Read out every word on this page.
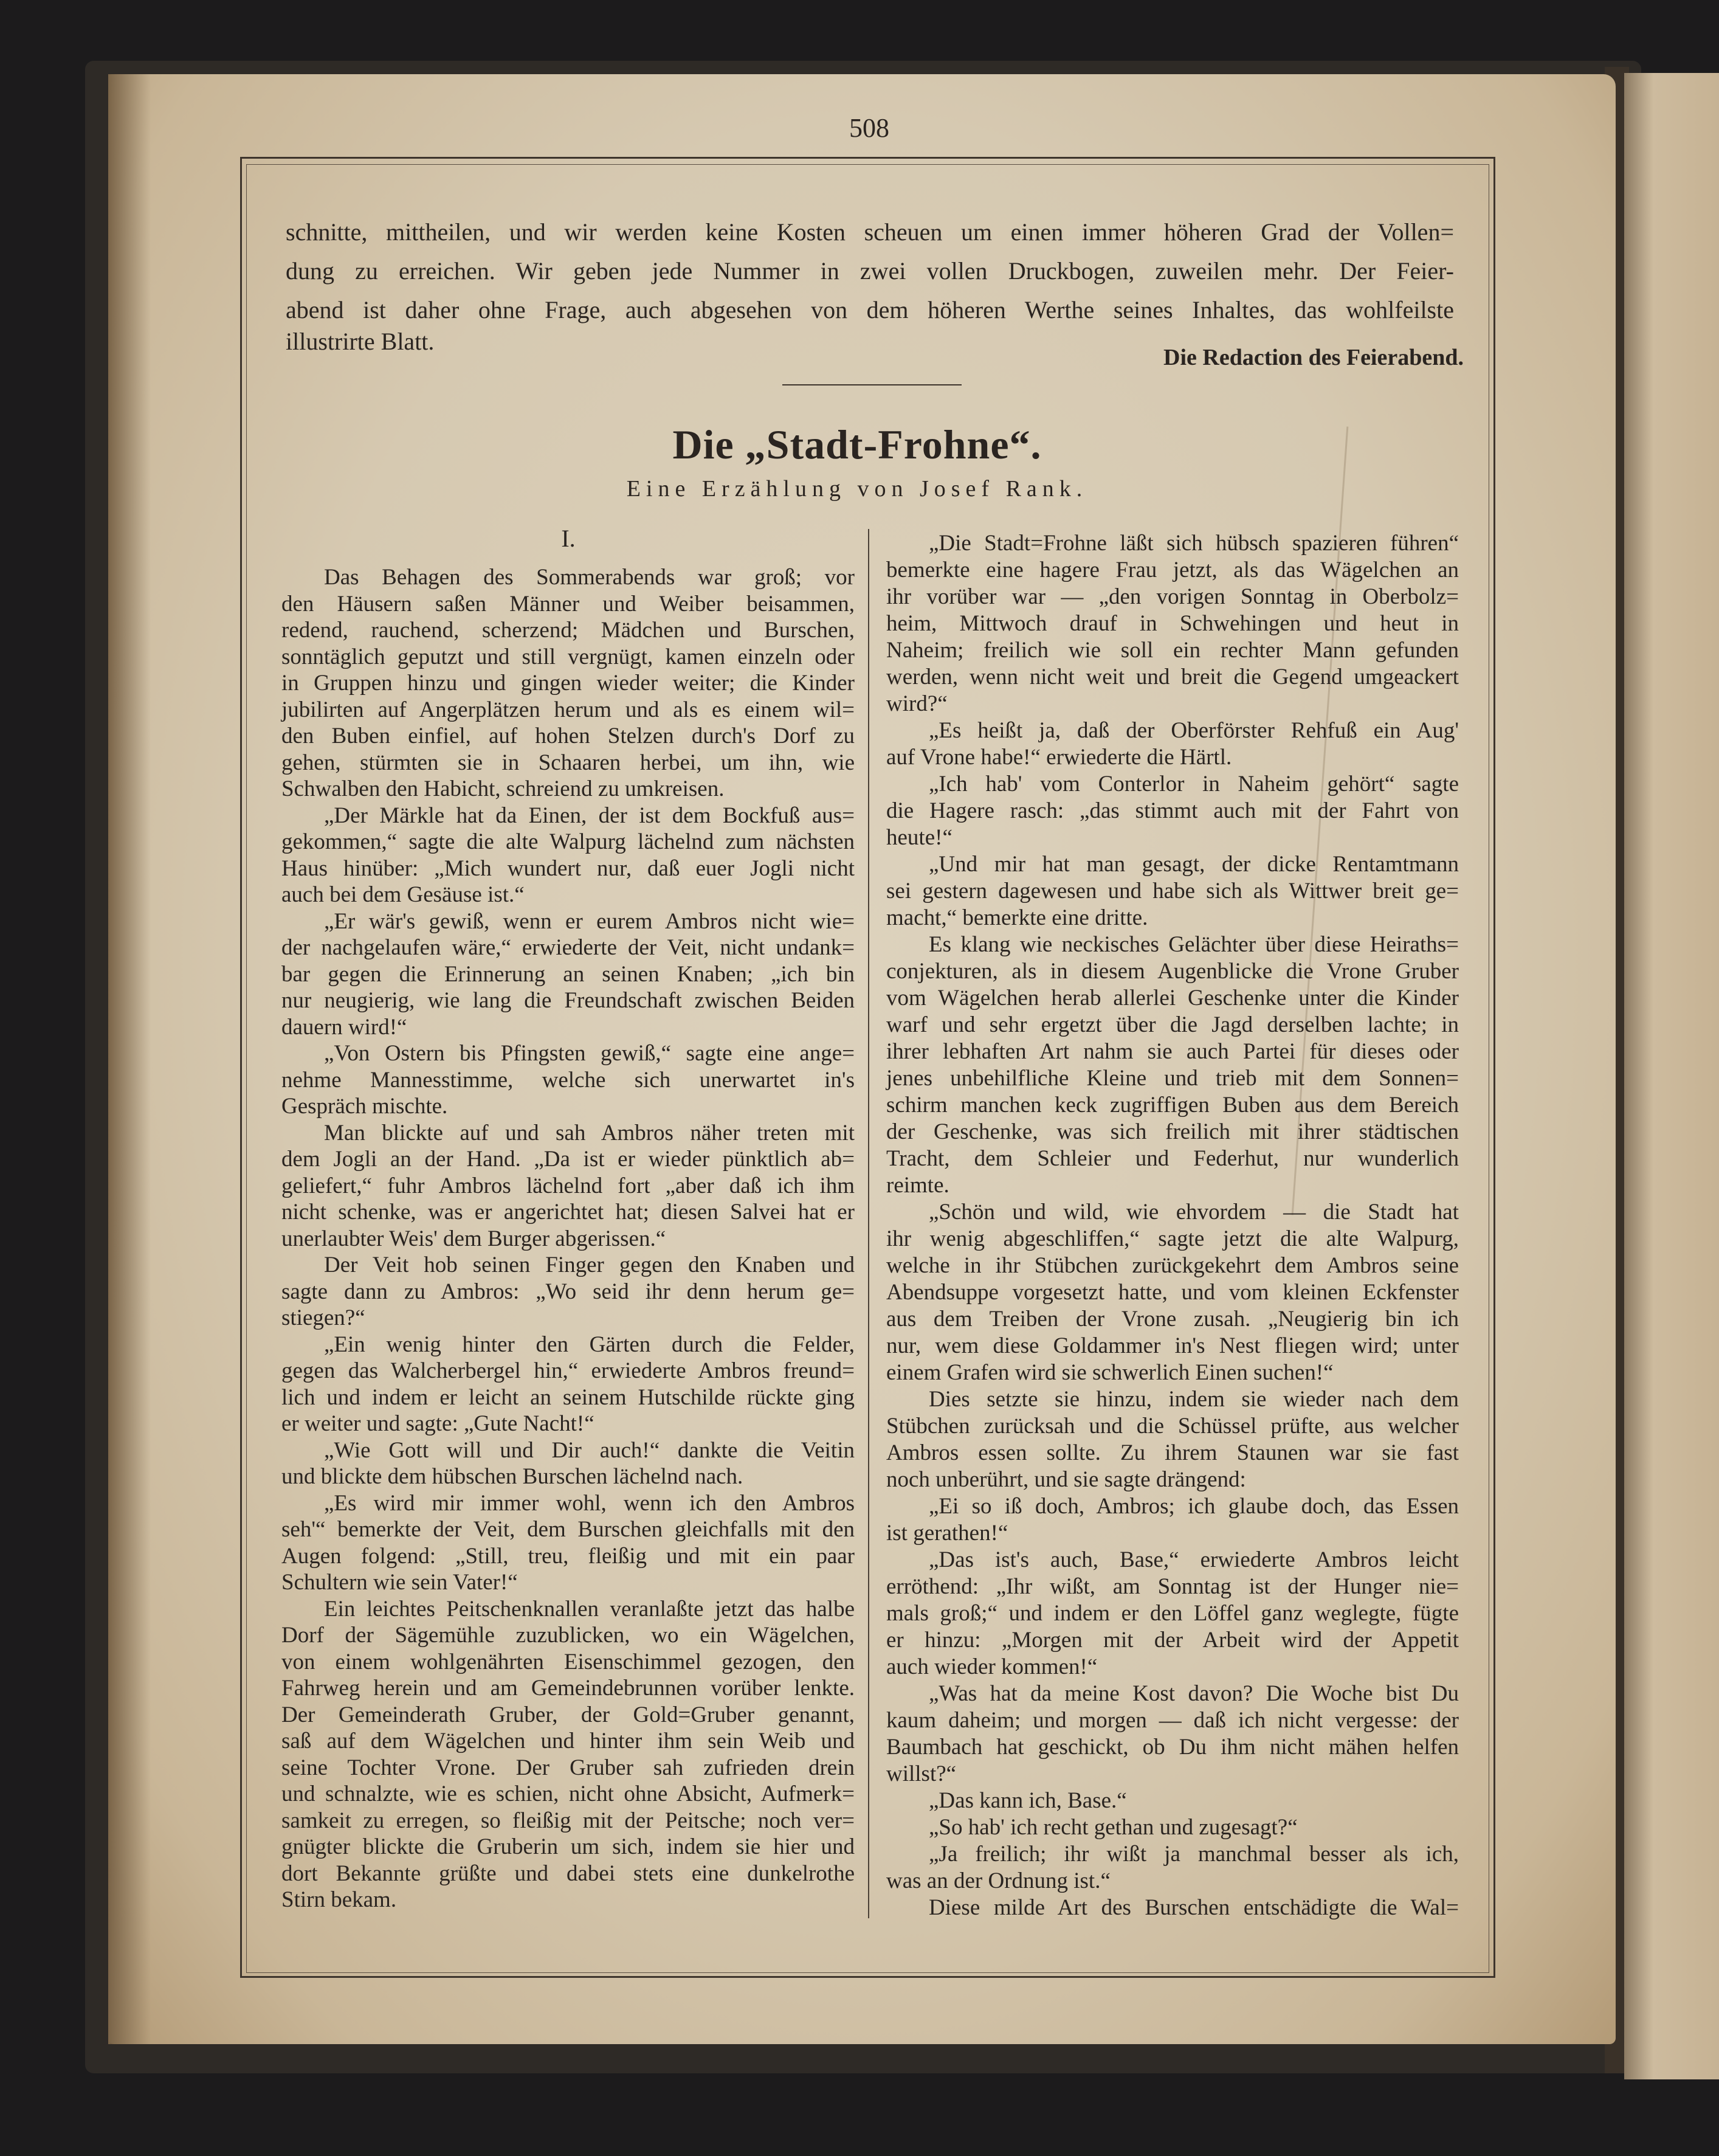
508
schnitte, mittheilen, und wir werden keine Kosten scheuen um einen immer höheren Grad der Vollen=
dung zu erreichen. Wir geben jede Nummer in zwei vollen Druckbogen, zuweilen mehr. Der Feier-
abend ist daher ohne Frage, auch abgesehen von dem höheren Werthe seines Inhaltes, das wohlfeilste
illustrirte Blatt.
Die Redaction des Feierabend.
Die „Stadt-Frohne“.
Eine Erzählung von Josef Rank.
I.
Das Behagen des Sommerabends war groß; vor
den Häusern saßen Männer und Weiber beisammen,
redend, rauchend, scherzend; Mädchen und Burschen,
sonntäglich geputzt und still vergnügt, kamen einzeln oder
in Gruppen hinzu und gingen wieder weiter; die Kinder
jubilirten auf Angerplätzen herum und als es einem wil=
den Buben einfiel, auf hohen Stelzen durch's Dorf zu
gehen, stürmten sie in Schaaren herbei, um ihn, wie
Schwalben den Habicht, schreiend zu umkreisen.
„Der Märkle hat da Einen, der ist dem Bockfuß aus=
gekommen,“ sagte die alte Walpurg lächelnd zum nächsten
Haus hinüber: „Mich wundert nur, daß euer Jogli nicht
auch bei dem Gesäuse ist.“
„Er wär's gewiß, wenn er eurem Ambros nicht wie=
der nachgelaufen wäre,“ erwiederte der Veit, nicht undank=
bar gegen die Erinnerung an seinen Knaben; „ich bin
nur neugierig, wie lang die Freundschaft zwischen Beiden
dauern wird!“
„Von Ostern bis Pfingsten gewiß,“ sagte eine ange=
nehme Mannesstimme, welche sich unerwartet in's
Gespräch mischte.
Man blickte auf und sah Ambros näher treten mit
dem Jogli an der Hand. „Da ist er wieder pünktlich ab=
geliefert,“ fuhr Ambros lächelnd fort „aber daß ich ihm
nicht schenke, was er angerichtet hat; diesen Salvei hat er
unerlaubter Weis' dem Burger abgerissen.“
Der Veit hob seinen Finger gegen den Knaben und
sagte dann zu Ambros: „Wo seid ihr denn herum ge=
stiegen?“
„Ein wenig hinter den Gärten durch die Felder,
gegen das Walcherbergel hin,“ erwiederte Ambros freund=
lich und indem er leicht an seinem Hutschilde rückte ging
er weiter und sagte: „Gute Nacht!“
„Wie Gott will und Dir auch!“ dankte die Veitin
und blickte dem hübschen Burschen lächelnd nach.
„Es wird mir immer wohl, wenn ich den Ambros
seh'“ bemerkte der Veit, dem Burschen gleichfalls mit den
Augen folgend: „Still, treu, fleißig und mit ein paar
Schultern wie sein Vater!“
Ein leichtes Peitschenknallen veranlaßte jetzt das halbe
Dorf der Sägemühle zuzublicken, wo ein Wägelchen,
von einem wohlgenährten Eisenschimmel gezogen, den
Fahrweg herein und am Gemeindebrunnen vorüber lenkte.
Der Gemeinderath Gruber, der Gold=Gruber genannt,
saß auf dem Wägelchen und hinter ihm sein Weib und
seine Tochter Vrone. Der Gruber sah zufrieden drein
und schnalzte, wie es schien, nicht ohne Absicht, Aufmerk=
samkeit zu erregen, so fleißig mit der Peitsche; noch ver=
gnügter blickte die Gruberin um sich, indem sie hier und
dort Bekannte grüßte und dabei stets eine dunkelrothe
Stirn bekam.
„Die Stadt=Frohne läßt sich hübsch spazieren führen“
bemerkte eine hagere Frau jetzt, als das Wägelchen an
ihr vorüber war — „den vorigen Sonntag in Oberbolz=
heim, Mittwoch drauf in Schwehingen und heut in
Naheim; freilich wie soll ein rechter Mann gefunden
werden, wenn nicht weit und breit die Gegend umgeackert
wird?“
„Es heißt ja, daß der Oberförster Rehfuß ein Aug'
auf Vrone habe!“ erwiederte die Härtl.
„Ich hab' vom Conterlor in Naheim gehört“ sagte
die Hagere rasch: „das stimmt auch mit der Fahrt von
heute!“
„Und mir hat man gesagt, der dicke Rentamtmann
sei gestern dagewesen und habe sich als Wittwer breit ge=
macht,“ bemerkte eine dritte.
Es klang wie neckisches Gelächter über diese Heiraths=
conjekturen, als in diesem Augenblicke die Vrone Gruber
vom Wägelchen herab allerlei Geschenke unter die Kinder
warf und sehr ergetzt über die Jagd derselben lachte; in
ihrer lebhaften Art nahm sie auch Partei für dieses oder
jenes unbehilfliche Kleine und trieb mit dem Sonnen=
schirm manchen keck zugriffigen Buben aus dem Bereich
der Geschenke, was sich freilich mit ihrer städtischen
Tracht, dem Schleier und Federhut, nur wunderlich
reimte.
„Schön und wild, wie ehvordem — die Stadt hat
ihr wenig abgeschliffen,“ sagte jetzt die alte Walpurg,
welche in ihr Stübchen zurückgekehrt dem Ambros seine
Abendsuppe vorgesetzt hatte, und vom kleinen Eckfenster
aus dem Treiben der Vrone zusah. „Neugierig bin ich
nur, wem diese Goldammer in's Nest fliegen wird; unter
einem Grafen wird sie schwerlich Einen suchen!“
Dies setzte sie hinzu, indem sie wieder nach dem
Stübchen zurücksah und die Schüssel prüfte, aus welcher
Ambros essen sollte. Zu ihrem Staunen war sie fast
noch unberührt, und sie sagte drängend:
„Ei so iß doch, Ambros; ich glaube doch, das Essen
ist gerathen!“
„Das ist's auch, Base,“ erwiederte Ambros leicht
erröthend: „Ihr wißt, am Sonntag ist der Hunger nie=
mals groß;“ und indem er den Löffel ganz weglegte, fügte
er hinzu: „Morgen mit der Arbeit wird der Appetit
auch wieder kommen!“
„Was hat da meine Kost davon? Die Woche bist Du
kaum daheim; und morgen — daß ich nicht vergesse: der
Baumbach hat geschickt, ob Du ihm nicht mähen helfen
willst?“
„Das kann ich, Base.“
„So hab' ich recht gethan und zugesagt?“
„Ja freilich; ihr wißt ja manchmal besser als ich,
was an der Ordnung ist.“
Diese milde Art des Burschen entschädigte die Wal=
